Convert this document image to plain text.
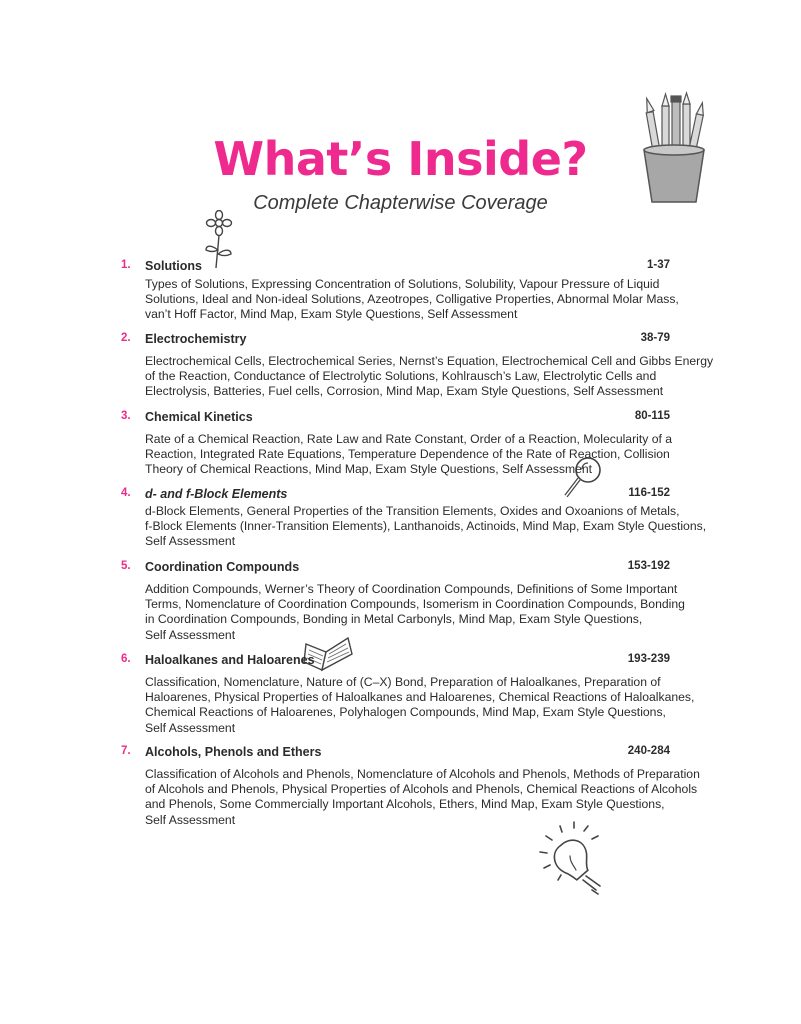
What’s Inside?
Complete Chapterwise Coverage
1. Solutions	1-37
Types of Solutions, Expressing Concentration of Solutions, Solubility, Vapour Pressure of Liquid
Solutions, Ideal and Non-ideal Solutions, Azeotropes, Colligative Properties, Abnormal Molar Mass,
van’t Hoff Factor, Mind Map, Exam Style Questions, Self Assessment
2. Electrochemistry	38-79
Electrochemical Cells, Electrochemical Series, Nernst’s Equation, Electrochemical Cell and Gibbs Energy
of the Reaction, Conductance of Electrolytic Solutions, Kohlrausch’s Law, Electrolytic Cells and
Electrolysis, Batteries, Fuel cells, Corrosion, Mind Map, Exam Style Questions, Self Assessment
3. Chemical Kinetics	80-115
Rate of a Chemical Reaction, Rate Law and Rate Constant, Order of a Reaction, Molecularity of a
Reaction, Integrated Rate Equations, Temperature Dependence of the Rate of Reaction, Collision
Theory of Chemical Reactions, Mind Map, Exam Style Questions, Self Assessment
4. d- and f-Block Elements	116-152
d-Block Elements, General Properties of the Transition Elements, Oxides and Oxoanions of Metals,
f-Block Elements (Inner-Transition Elements), Lanthanoids, Actinoids, Mind Map, Exam Style Questions,
Self Assessment
5. Coordination Compounds	153-192
Addition Compounds, Werner’s Theory of Coordination Compounds, Definitions of Some Important
Terms, Nomenclature of Coordination Compounds, Isomerism in Coordination Compounds, Bonding
in Coordination Compounds, Bonding in Metal Carbonyls, Mind Map, Exam Style Questions,
Self Assessment
6. Haloalkanes and Haloarenes	193-239
Classification, Nomenclature, Nature of (C–X) Bond, Preparation of Haloalkanes, Preparation of
Haloarenes, Physical Properties of Haloalkanes and Haloarenes, Chemical Reactions of Haloalkanes,
Chemical Reactions of Haloarenes, Polyhalogen Compounds, Mind Map, Exam Style Questions,
Self Assessment
7. Alcohols, Phenols and Ethers	240-284
Classification of Alcohols and Phenols, Nomenclature of Alcohols and Phenols, Methods of Preparation
of Alcohols and Phenols, Physical Properties of Alcohols and Phenols, Chemical Reactions of Alcohols
and Phenols, Some Commercially Important Alcohols, Ethers, Mind Map, Exam Style Questions,
Self Assessment
